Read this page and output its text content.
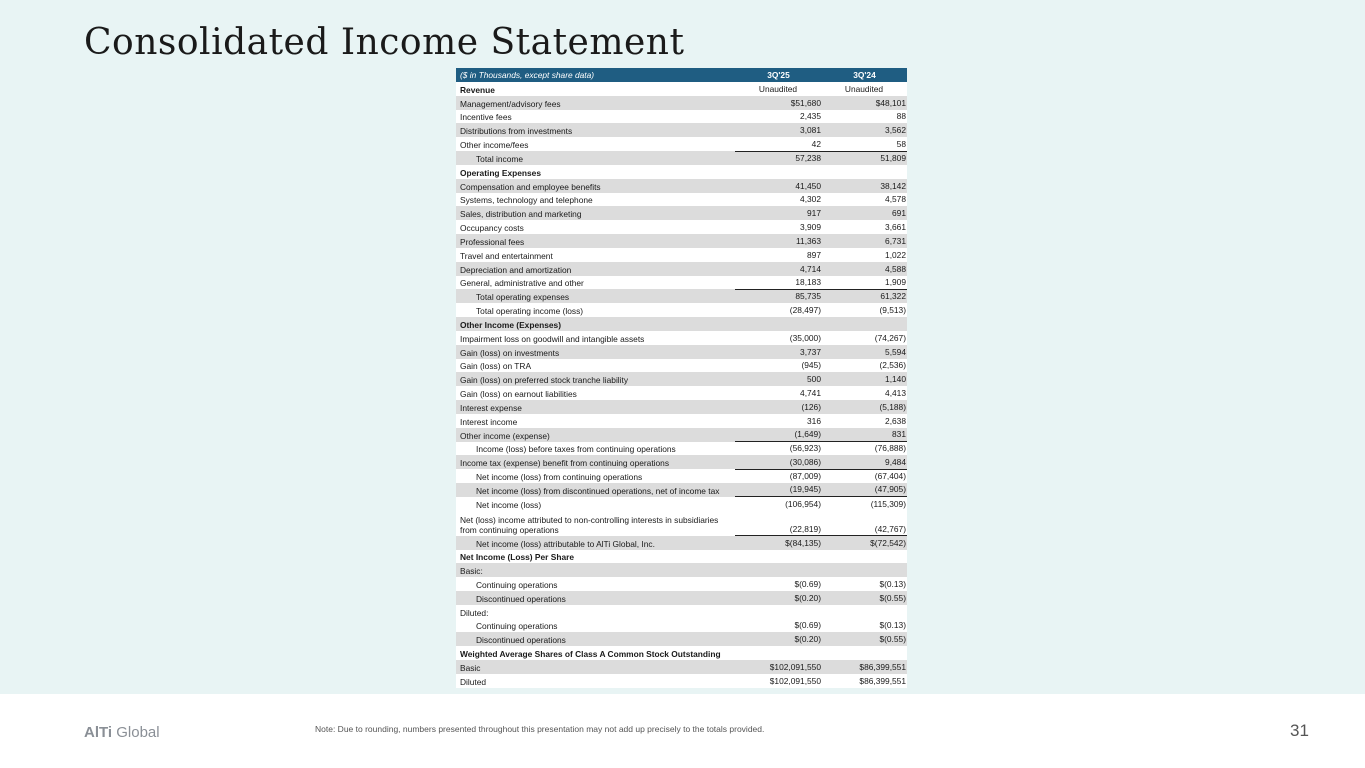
Consolidated Income Statement
($ in Thousands, except share data)	3Q'25	3Q'24
Revenue	Unaudited	Unaudited
Management/advisory fees	$51,680	$48,101
Incentive fees	2,435	88
Distributions from investments	3,081	3,562
Other income/fees	42	58
Total income	57,238	51,809
Operating Expenses		
Compensation and employee benefits	41,450	38,142
Systems, technology and telephone	4,302	4,578
Sales, distribution and marketing	917	691
Occupancy costs	3,909	3,661
Professional fees	11,363	6,731
Travel and entertainment	897	1,022
Depreciation and amortization	4,714	4,588
General, administrative and other	18,183	1,909
Total operating expenses	85,735	61,322
Total operating income (loss)	(28,497)	(9,513)
Other Income (Expenses)		
Impairment loss on goodwill and intangible assets	(35,000)	(74,267)
Gain (loss) on investments	3,737	5,594
Gain (loss) on TRA	(945)	(2,536)
Gain (loss) on preferred stock tranche liability	500	1,140
Gain (loss) on earnout liabilities	4,741	4,413
Interest expense	(126)	(5,188)
Interest income	316	2,638
Other income (expense)	(1,649)	831
Income (loss) before taxes from continuing operations	(56,923)	(76,888)
Income tax (expense) benefit from continuing operations	(30,086)	9,484
Net income (loss) from continuing operations	(87,009)	(67,404)
Net income (loss) from discontinued operations, net of income tax	(19,945)	(47,905)
Net income (loss)	(106,954)	(115,309)
Net (loss) income attributed to non-controlling interests in subsidiaries from continuing operations	(22,819)	(42,767)
Net income (loss) attributable to AlTi Global, Inc.	$(84,135)	$(72,542)
Net Income (Loss) Per Share		
Basic:		
Continuing operations	$(0.69)	$(0.13)
Discontinued operations	$(0.20)	$(0.55)
Diluted:		
Continuing operations	$(0.69)	$(0.13)
Discontinued operations	$(0.20)	$(0.55)
Weighted Average Shares of Class A Common Stock Outstanding		
Basic	$102,091,550	$86,399,551
Diluted	$102,091,550	$86,399,551
AlTi Global	Note: Due to rounding, numbers presented throughout this presentation may not add up precisely to the totals provided.	31
